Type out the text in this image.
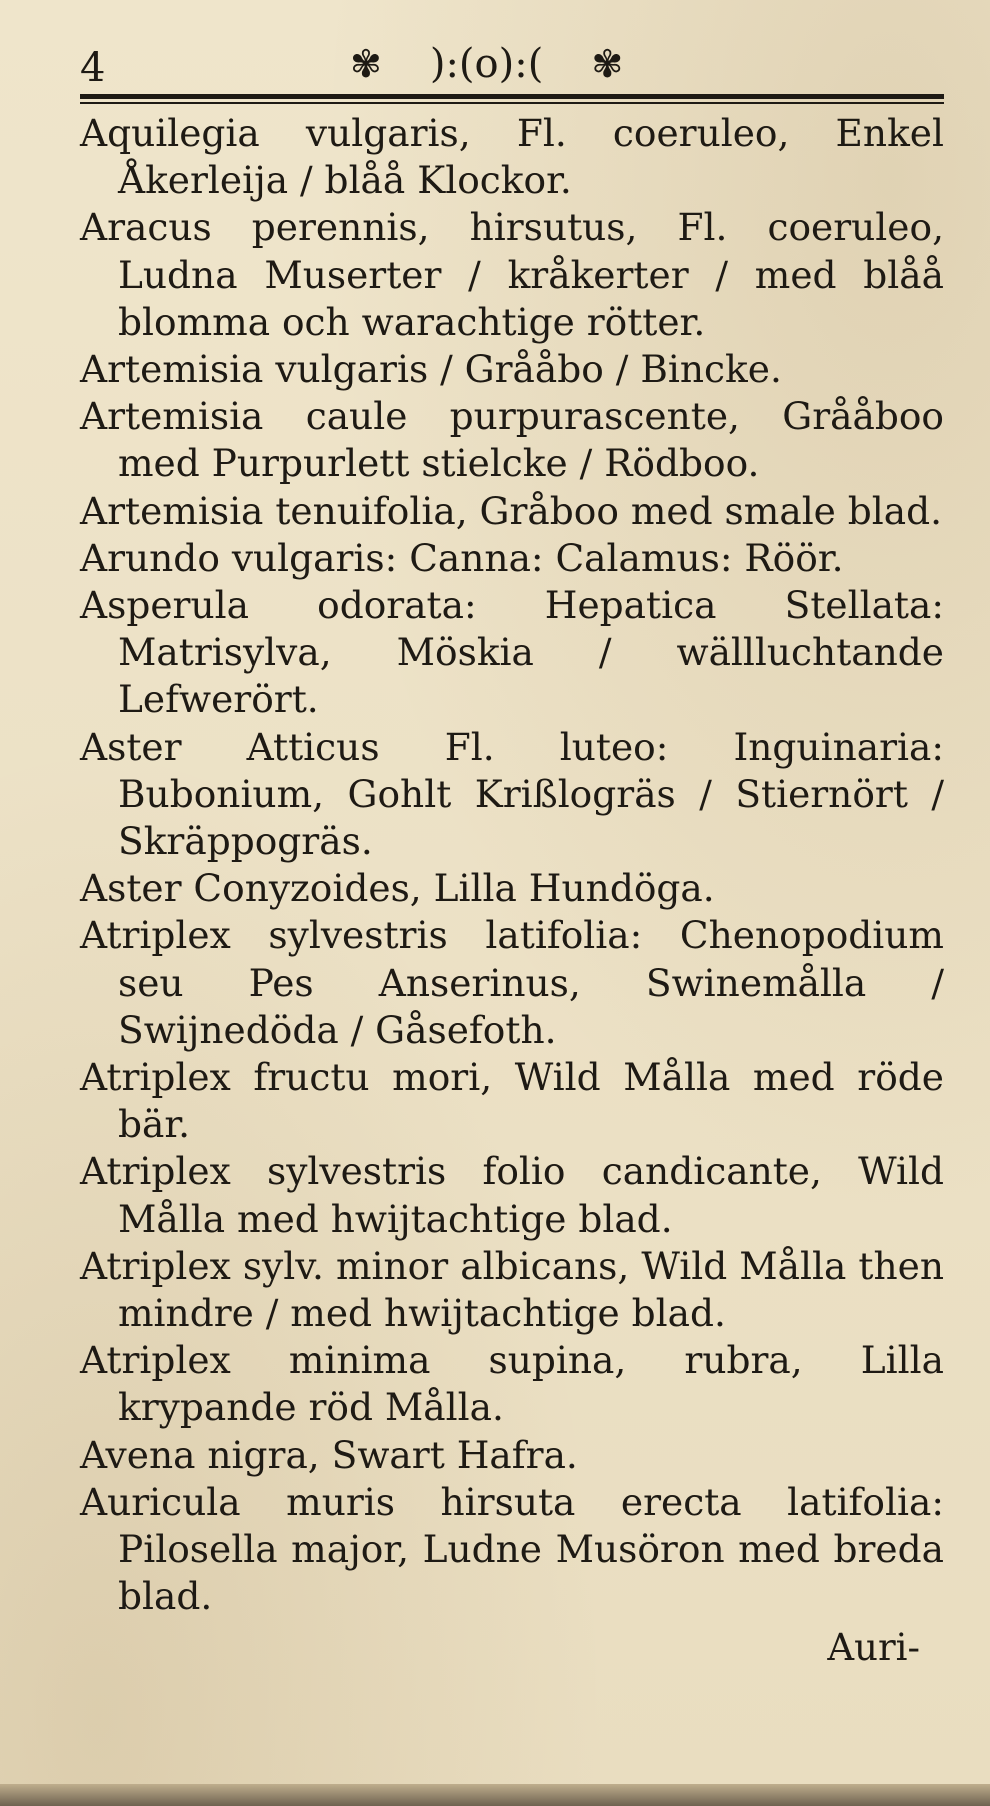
4	✾ ):(o):( ✾
Aquilegia vulgaris, Fl. coeruleo, Enkel Åkerleija / blåå Klockor.
Aracus perennis, hirsutus, Fl. coeruleo, Ludna Muserter / kråkerter / med blåå blomma och warachtige rötter.
Artemisia vulgaris / Grååbo / Bincke.
Artemisia caule purpurascente, Grååboo med Purpurlett stielcke / Rödboo.
Artemisia tenuifolia, Gråboo med smale blad.
Arundo vulgaris: Canna: Calamus: Röör.
Asperula odorata: Hepatica Stellata: Matrisylva, Möskia / wällluchtande Lefwerört.
Aster Atticus Fl. luteo: Inguinaria: Bubonium, Gohlt Krißlogräs / Stiernört / Skräppogräs.
Aster Conyzoides, Lilla Hundöga.
Atriplex sylvestris latifolia: Chenopodium seu Pes Anserinus, Swinemålla / Swijnedöda / Gåsefoth.
Atriplex fructu mori, Wild Målla med röde bär.
Atriplex sylvestris folio candicante, Wild Målla med hwijtachtige blad.
Atriplex sylv. minor albicans, Wild Målla then mindre / med hwijtachtige blad.
Atriplex minima supina, rubra, Lilla krypande röd Målla.
Avena nigra, Swart Hafra.
Auricula muris hirsuta erecta latifolia: Pilosella major, Ludne Musöron med breda blad.
Auri-
